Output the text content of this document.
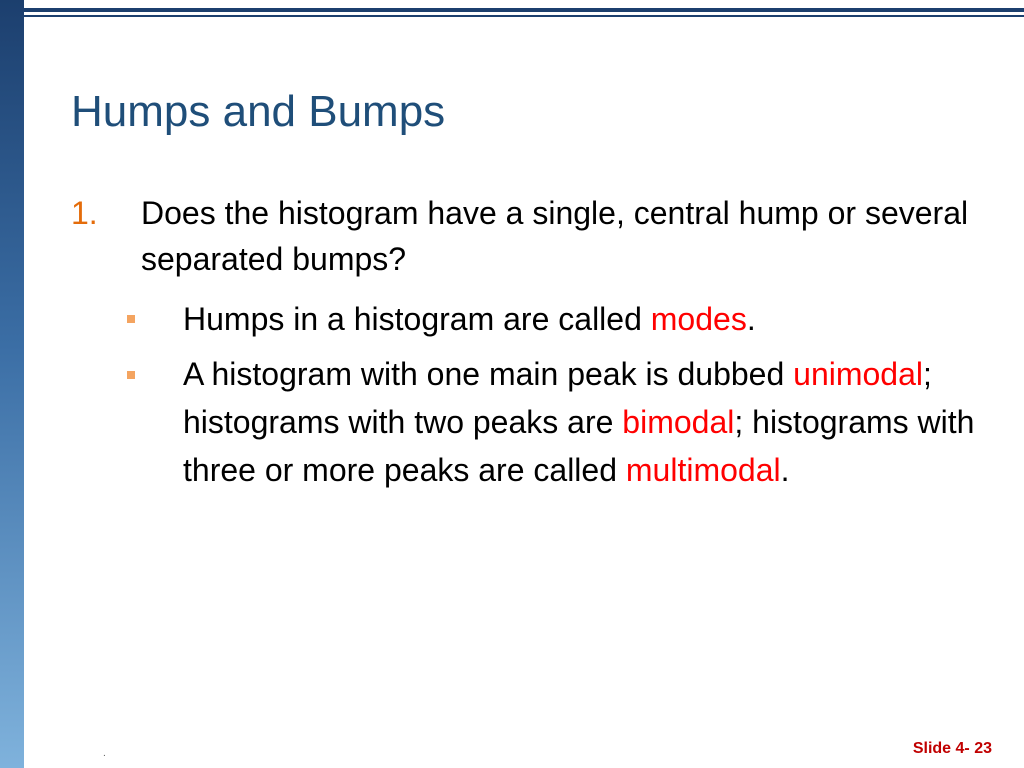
Humps and Bumps
1. Does the histogram have a single, central hump or several separated bumps?
Humps in a histogram are called modes.
A histogram with one main peak is dubbed unimodal; histograms with two peaks are bimodal; histograms with three or more peaks are called multimodal.
.	Slide 4- 23
